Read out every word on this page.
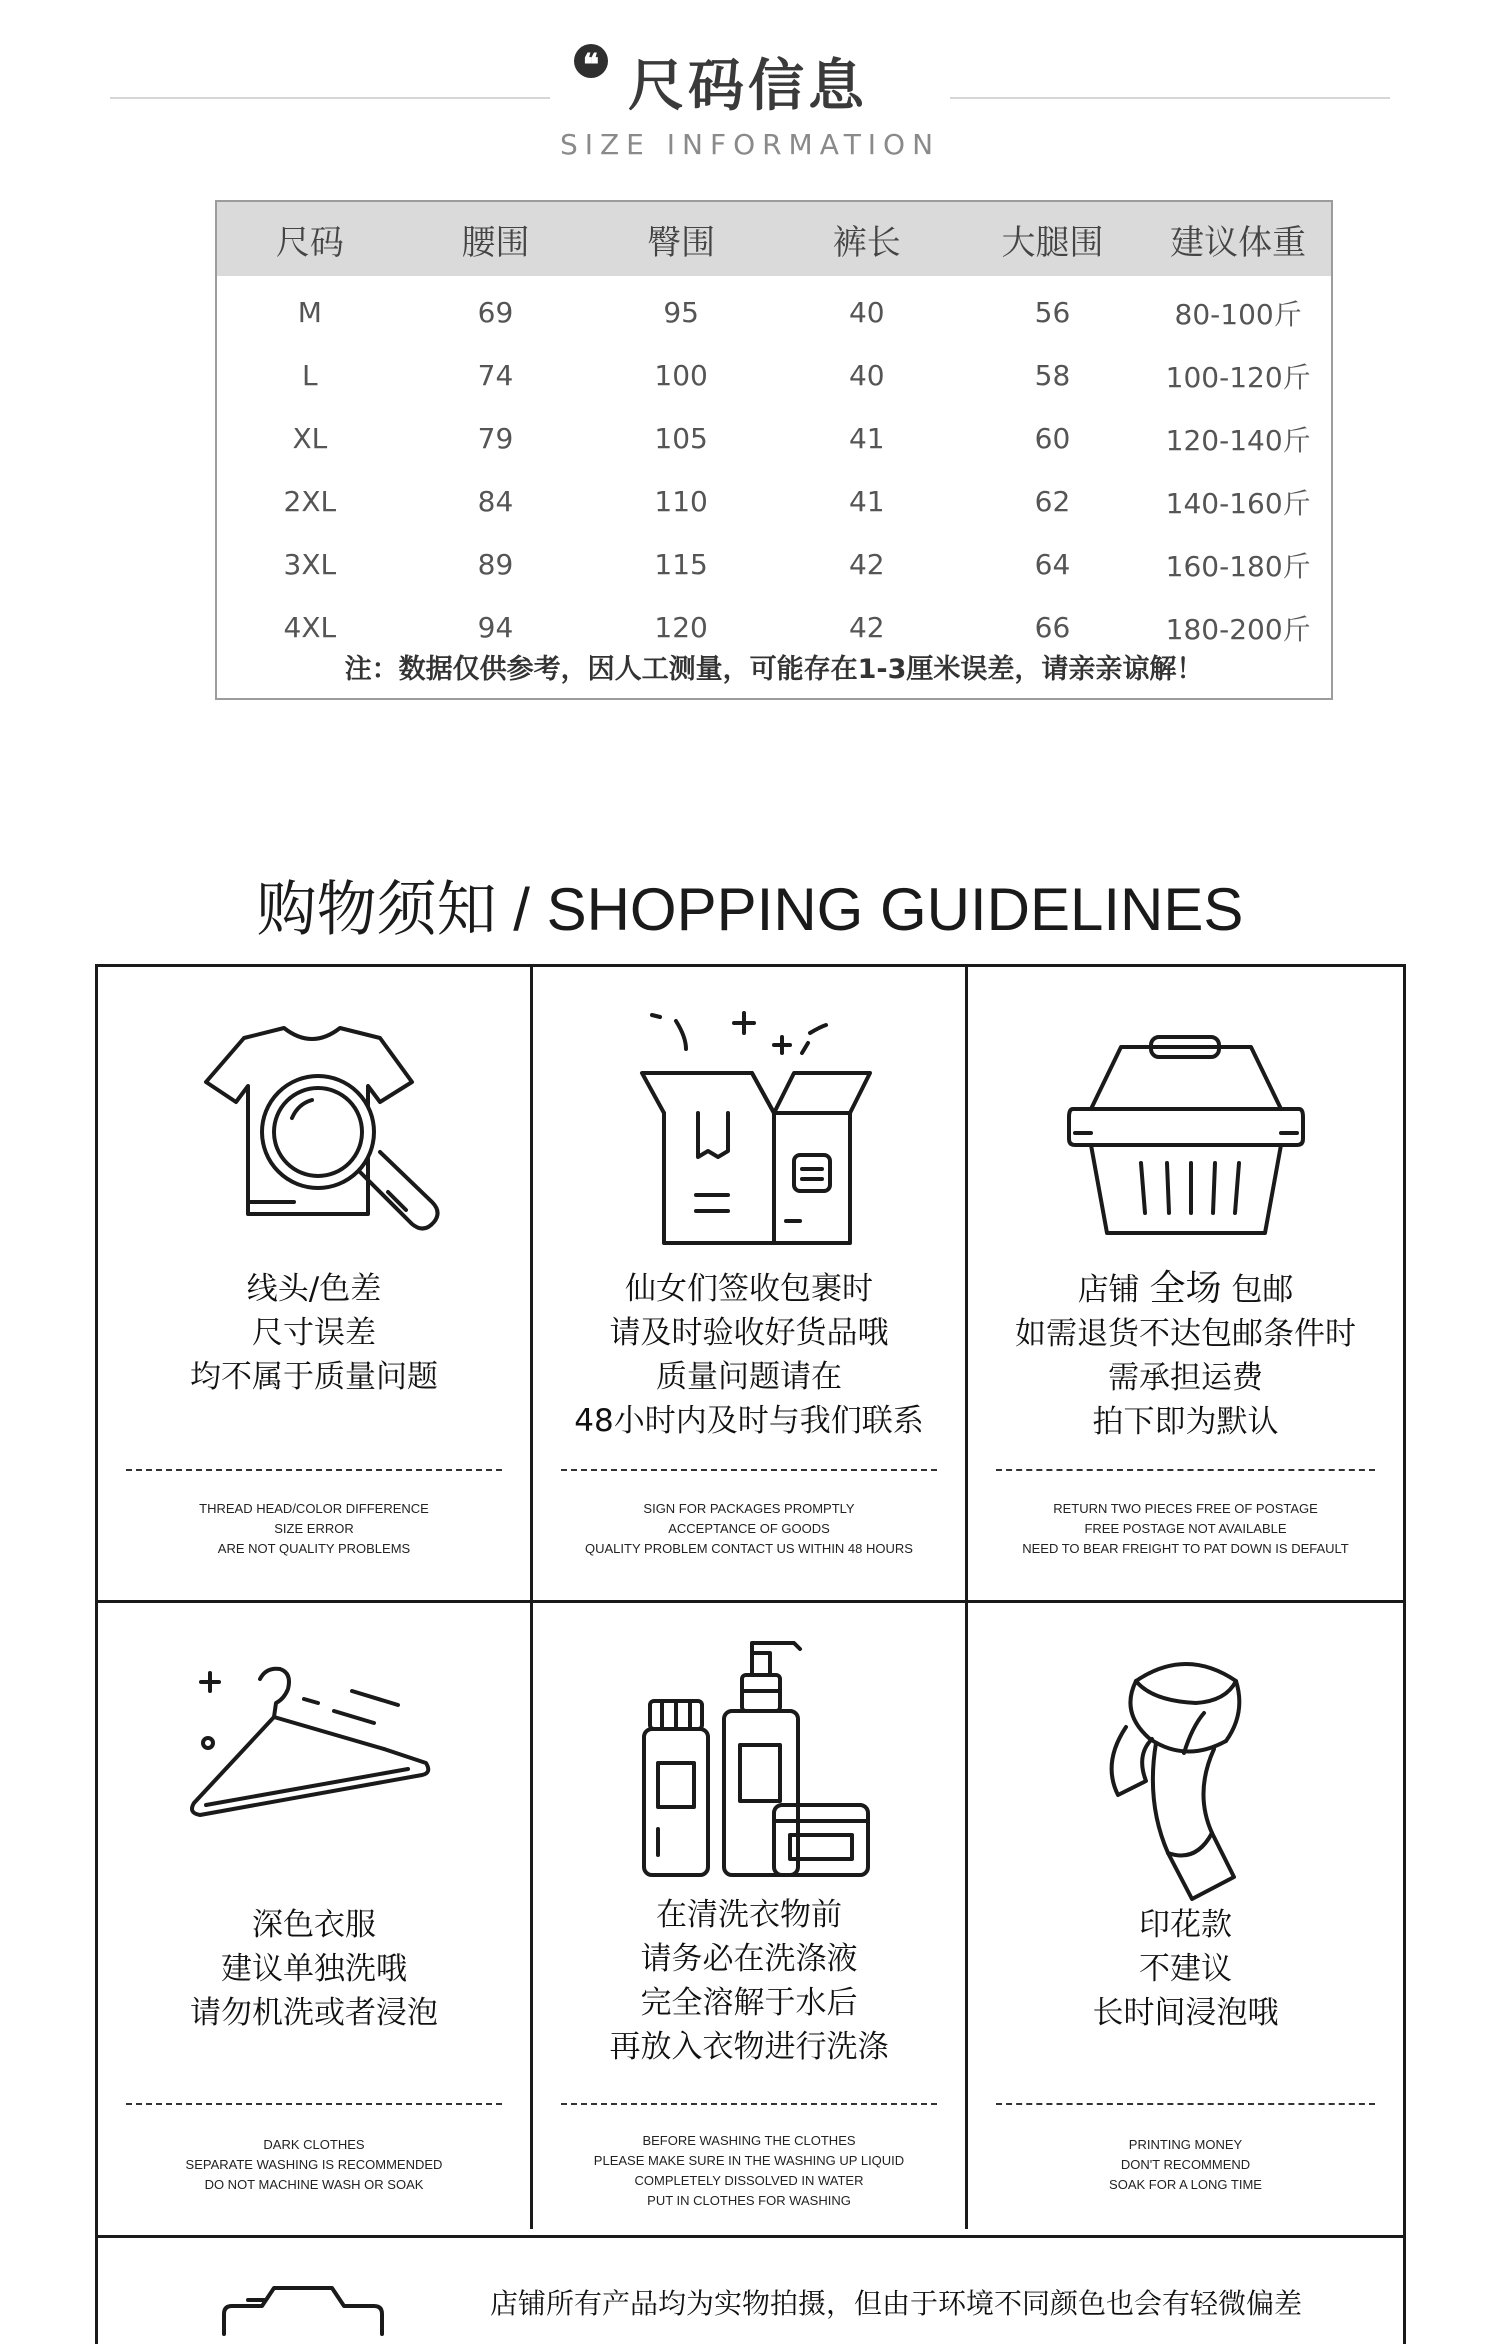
❝ 尺码信息
SIZE INFORMATION
尺码	腰围	臀围	裤长	大腿围	建议体重
M	69	95	40	56	80-100斤
L	74	100	40	58	100-120斤
XL	79	105	41	60	120-140斤
2XL	84	110	41	62	140-160斤
3XL	89	115	42	64	160-180斤
4XL	94	120	42	66	180-200斤
注：数据仅供参考，因人工测量，可能存在1-3厘米误差，请亲亲谅解！
购物须知 / SHOPPING GUIDELINES
线头/色差
尺寸误差
均不属于质量问题
THREAD HEAD/COLOR DIFFERENCE
SIZE ERROR
ARE NOT QUALITY PROBLEMS
仙女们签收包裹时
请及时验收好货品哦
质量问题请在
48小时内及时与我们联系
SIGN FOR PACKAGES PROMPTLY
ACCEPTANCE OF GOODS
QUALITY PROBLEM CONTACT US WITHIN 48 HOURS
店铺 全场 包邮
如需退货不达包邮条件时
需承担运费
拍下即为默认
RETURN TWO PIECES FREE OF POSTAGE
FREE POSTAGE NOT AVAILABLE
NEED TO BEAR FREIGHT TO PAT DOWN IS DEFAULT
深色衣服
建议单独洗哦
请勿机洗或者浸泡
DARK CLOTHES
SEPARATE WASHING IS RECOMMENDED
DO NOT MACHINE WASH OR SOAK
在清洗衣物前
请务必在洗涤液
完全溶解于水后
再放入衣物进行洗涤
BEFORE WASHING THE CLOTHES
PLEASE MAKE SURE IN THE WASHING UP LIQUID
COMPLETELY DISSOLVED IN WATER
PUT IN CLOTHES FOR WASHING
印花款
不建议
长时间浸泡哦
PRINTING MONEY
DON'T RECOMMEND
SOAK FOR A LONG TIME
店铺所有产品均为实物拍摄，但由于环境不同颜色也会有轻微偏差
